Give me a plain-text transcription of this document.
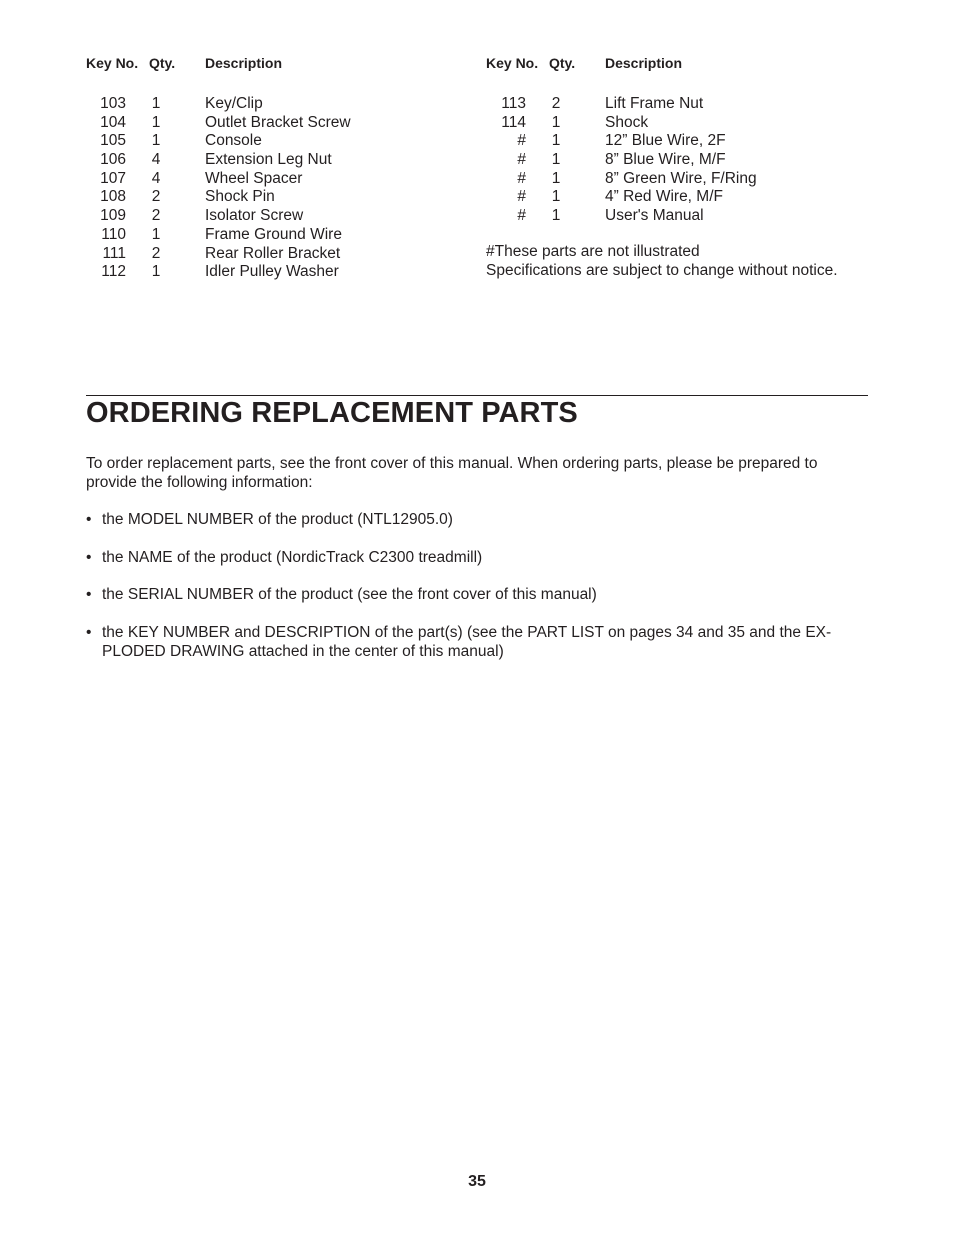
Key No. Qty. Description
103	1	Key/Clip
104	1	Outlet Bracket Screw
105	1	Console
106	4	Extension Leg Nut
107	4	Wheel Spacer
108	2	Shock Pin
109	2	Isolator Screw
110	1	Frame Ground Wire
111	2	Rear Roller Bracket
112	1	Idler Pulley Washer
Key No. Qty. Description
113	2	Lift Frame Nut
114	1	Shock
#	1	12” Blue Wire, 2F
#	1	8” Blue Wire, M/F
#	1	8” Green Wire, F/Ring
#	1	4” Red Wire, M/F
#	1	User's Manual
#These parts are not illustrated
Specifications are subject to change without notice.
ORDERING REPLACEMENT PARTS

To order replacement parts, see the front cover of this manual. When ordering parts, please be prepared to provide the following information:

• the MODEL NUMBER of the product (NTL12905.0)
• the NAME of the product (NordicTrack C2300 treadmill)
• the SERIAL NUMBER of the product (see the front cover of this manual)
• the KEY NUMBER and DESCRIPTION of the part(s) (see the PART LIST on pages 34 and 35 and the EX-PLODED DRAWING attached in the center of this manual)
35
